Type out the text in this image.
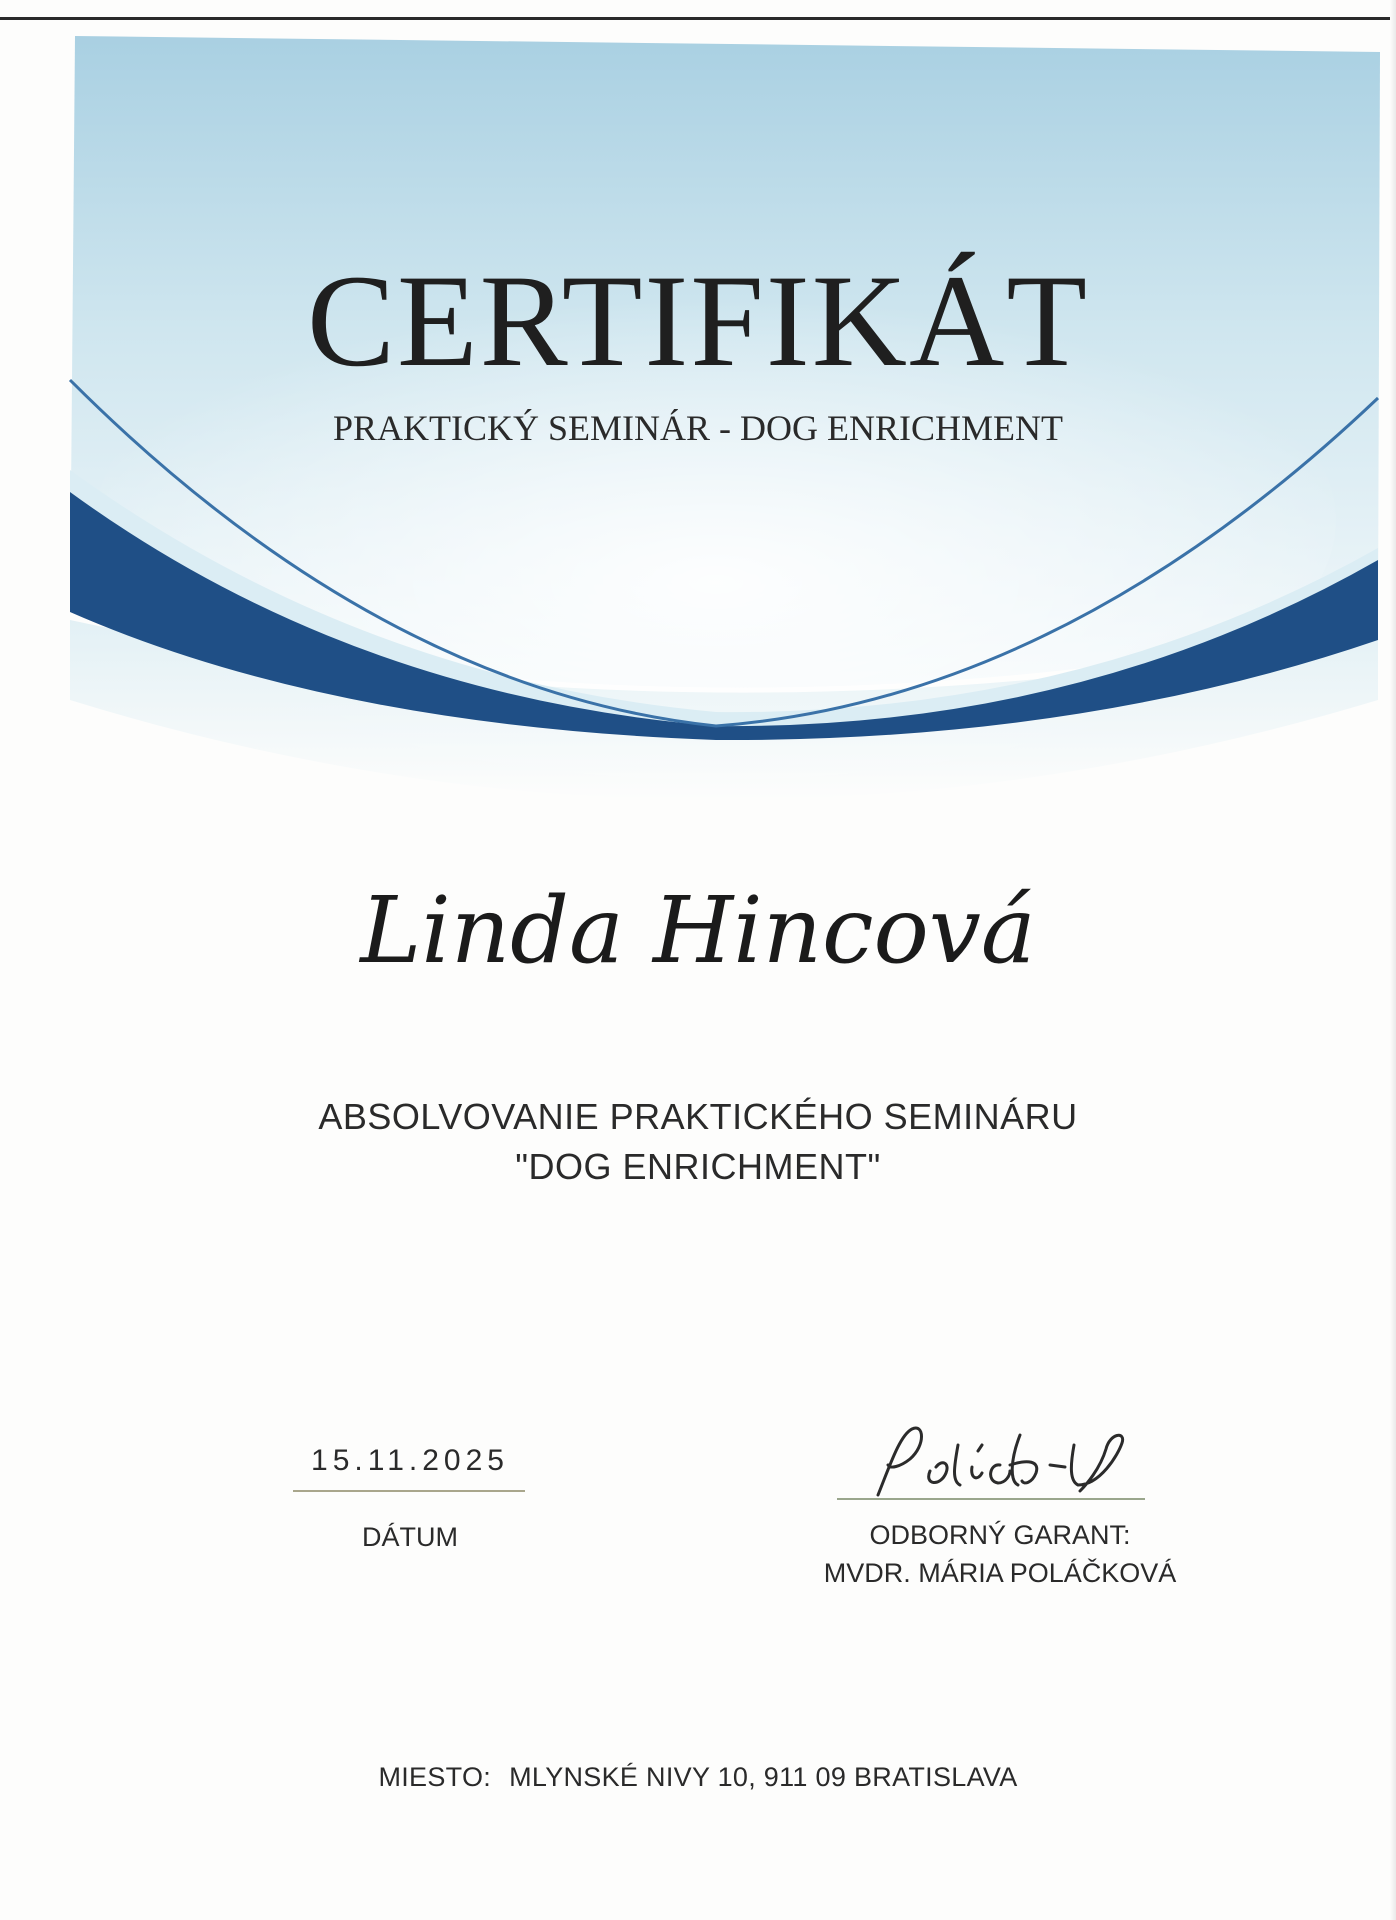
CERTIFIKÁT
PRAKTICKÝ SEMINÁR - DOG ENRICHMENT
Linda Hincová
ABSOLVOVANIE PRAKTICKÉHO SEMINÁRU
"DOG ENRICHMENT"
15.11.2025
DÁTUM	ODBORNÝ GARANT:
MVDR. MÁRIA POLÁČKOVÁ
MIESTO: MLYNSKÉ NIVY 10, 911 09 BRATISLAVA
